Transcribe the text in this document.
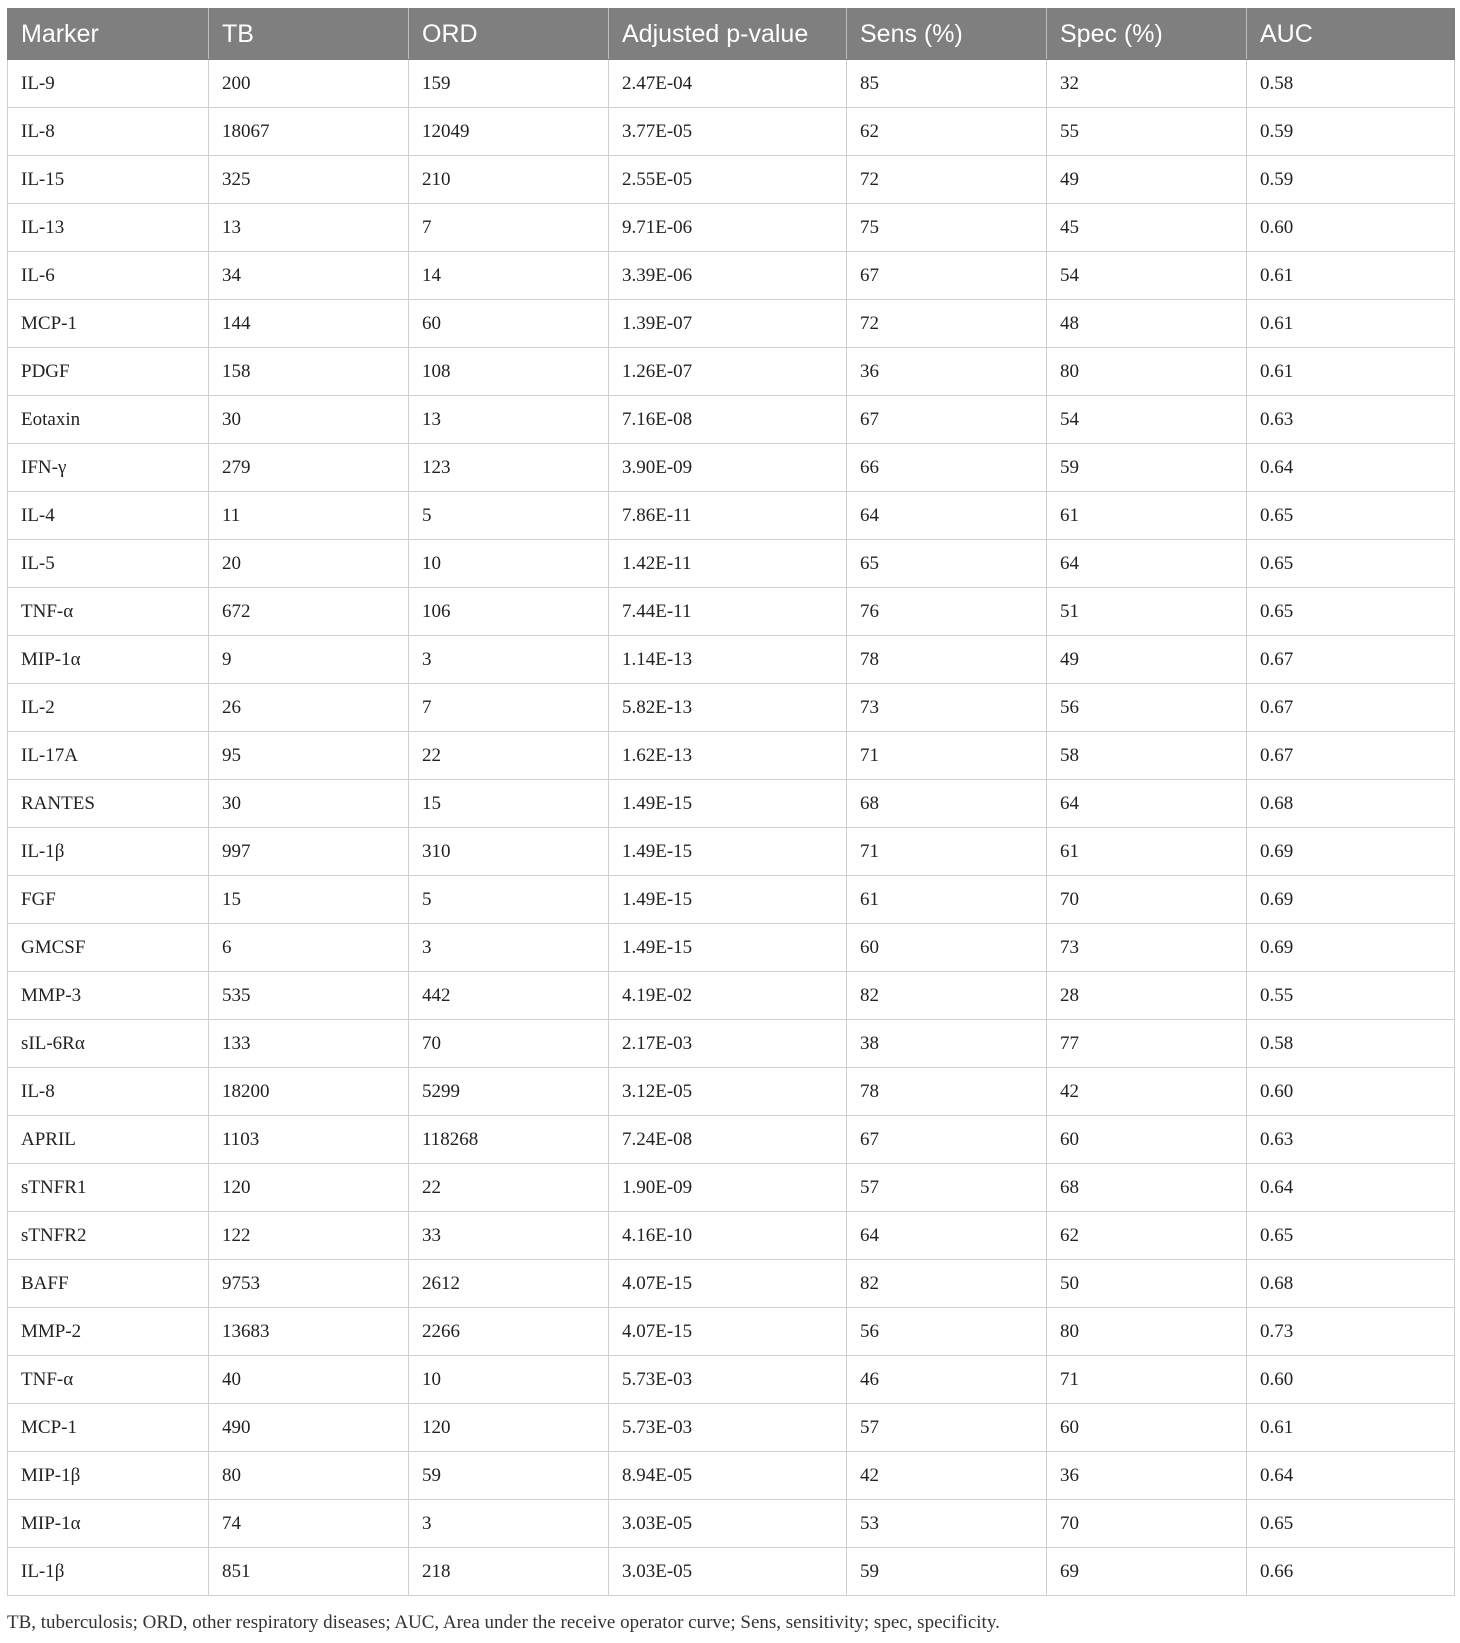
Marker	TB	ORD	Adjusted p-value	Sens (%)	Spec (%)	AUC
IL-9	200	159	2.47E-04	85	32	0.58
IL-8	18067	12049	3.77E-05	62	55	0.59
IL-15	325	210	2.55E-05	72	49	0.59
IL-13	13	7	9.71E-06	75	45	0.60
IL-6	34	14	3.39E-06	67	54	0.61
MCP-1	144	60	1.39E-07	72	48	0.61
PDGF	158	108	1.26E-07	36	80	0.61
Eotaxin	30	13	7.16E-08	67	54	0.63
IFN-γ	279	123	3.90E-09	66	59	0.64
IL-4	11	5	7.86E-11	64	61	0.65
IL-5	20	10	1.42E-11	65	64	0.65
TNF-α	672	106	7.44E-11	76	51	0.65
MIP-1α	9	3	1.14E-13	78	49	0.67
IL-2	26	7	5.82E-13	73	56	0.67
IL-17A	95	22	1.62E-13	71	58	0.67
RANTES	30	15	1.49E-15	68	64	0.68
IL-1β	997	310	1.49E-15	71	61	0.69
FGF	15	5	1.49E-15	61	70	0.69
GMCSF	6	3	1.49E-15	60	73	0.69
MMP-3	535	442	4.19E-02	82	28	0.55
sIL-6Rα	133	70	2.17E-03	38	77	0.58
IL-8	18200	5299	3.12E-05	78	42	0.60
APRIL	1103	118268	7.24E-08	67	60	0.63
sTNFR1	120	22	1.90E-09	57	68	0.64
sTNFR2	122	33	4.16E-10	64	62	0.65
BAFF	9753	2612	4.07E-15	82	50	0.68
MMP-2	13683	2266	4.07E-15	56	80	0.73
TNF-α	40	10	5.73E-03	46	71	0.60
MCP-1	490	120	5.73E-03	57	60	0.61
MIP-1β	80	59	8.94E-05	42	36	0.64
MIP-1α	74	3	3.03E-05	53	70	0.65
IL-1β	851	218	3.03E-05	59	69	0.66
TB, tuberculosis; ORD, other respiratory diseases; AUC, Area under the receive operator curve; Sens, sensitivity; spec, specificity.
